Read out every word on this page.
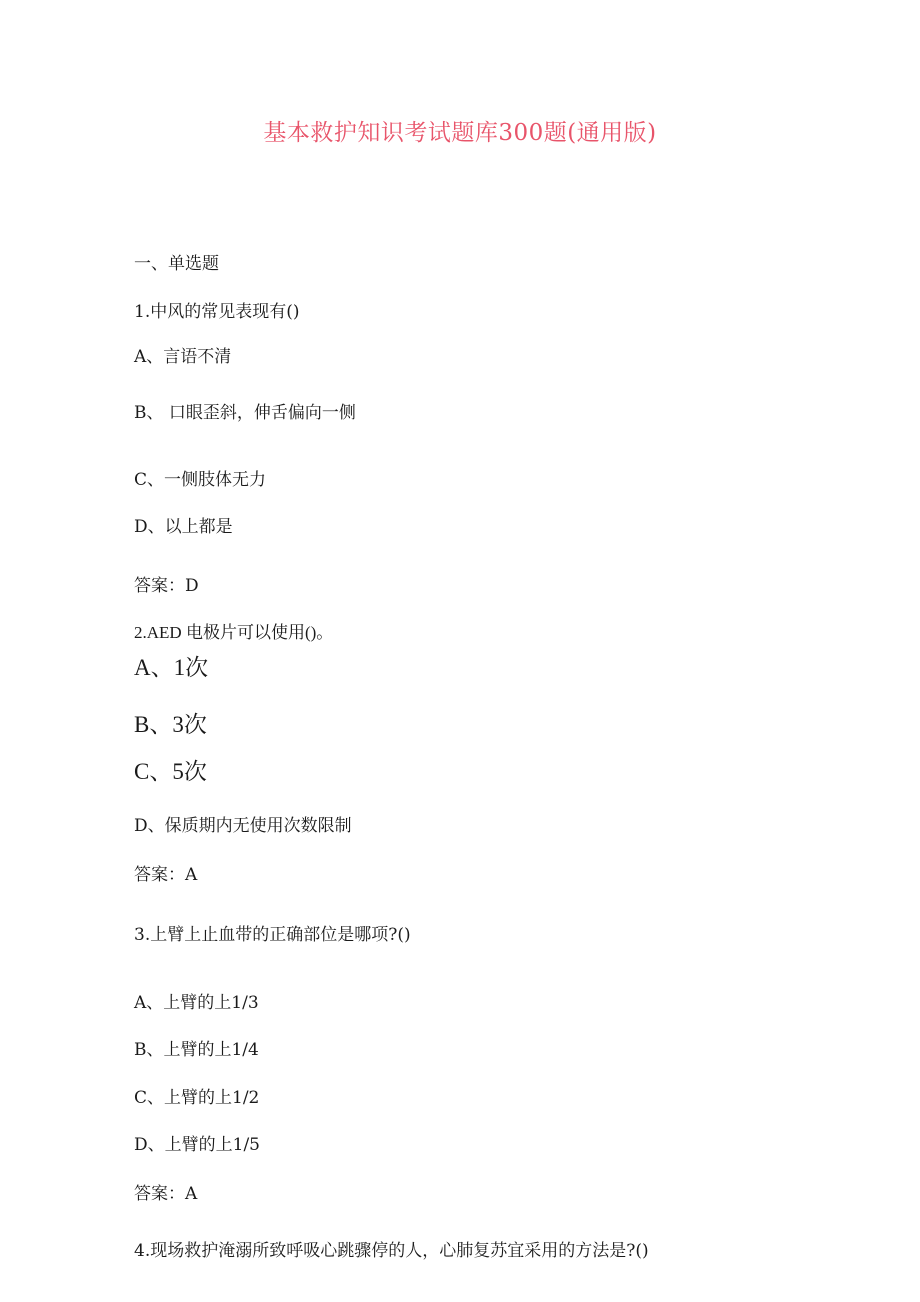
基本救护知识考试题库300题(通用版)
一、单选题
1.中风的常见表现有()
A、言语不清
B、 口眼歪斜，伸舌偏向一侧
C、一侧肢体无力
D、以上都是
答案：D
2.AED 电极片可以使用()。
A、1次
B、3次
C、5次
D、保质期内无使用次数限制
答案：A
3.上臂上止血带的正确部位是哪项?()
A、上臂的上1/3
B、上臂的上1/4
C、上臂的上1/2
D、上臂的上1/5
答案：A
4.现场救护淹溺所致呼吸心跳骤停的人，心肺复苏宜采用的方法是?()
